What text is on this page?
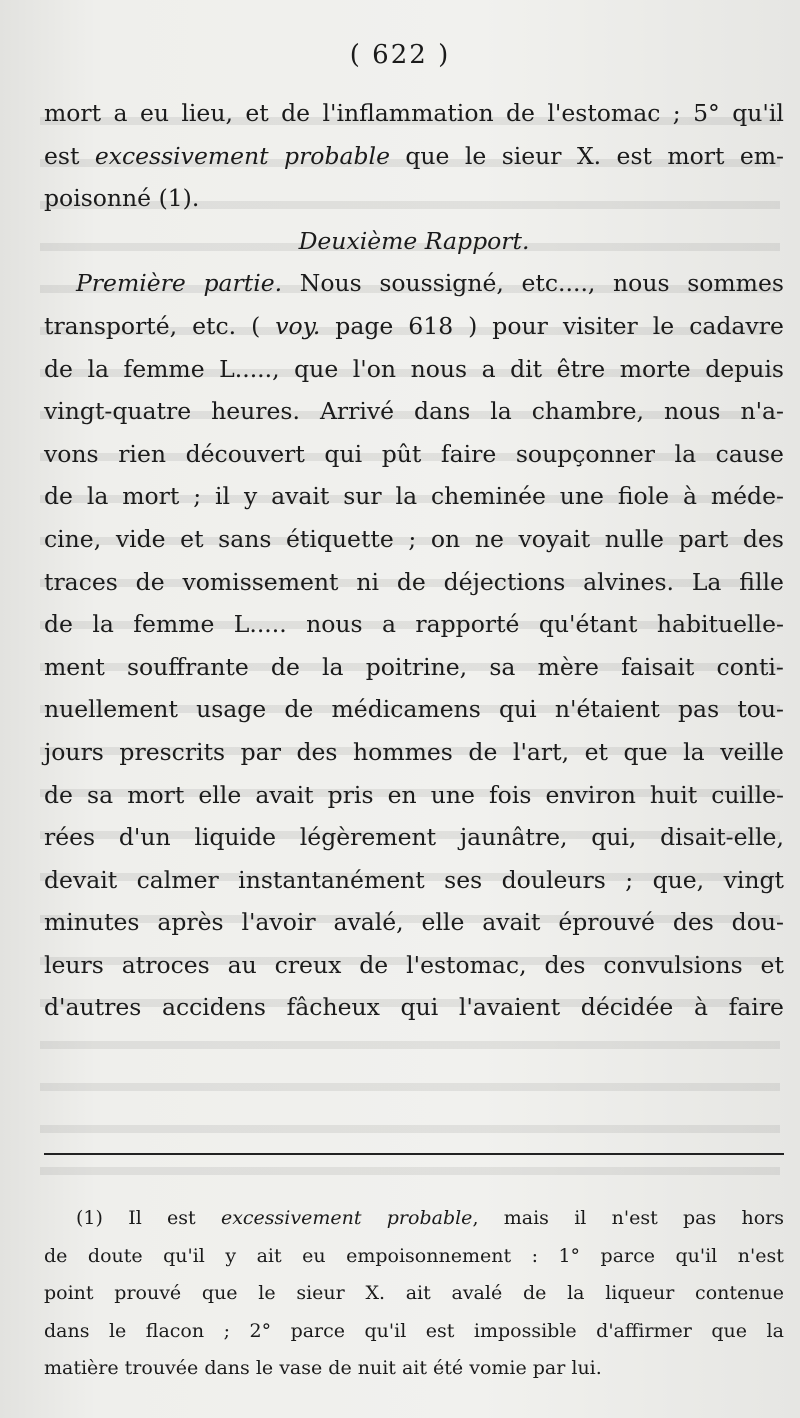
( 622 )
mort a eu lieu, et de l'inflammation de l'estomac ; 5° qu'il
est excessivement probable que le sieur X. est mort em-
poisonné (1).
Deuxième Rapport.
Première partie. Nous soussigné, etc...., nous sommes
transporté, etc. ( voy. page 618 ) pour visiter le cadavre
de la femme L....., que l'on nous a dit être morte depuis
vingt-quatre heures. Arrivé dans la chambre, nous n'a-
vons rien découvert qui pût faire soupçonner la cause
de la mort ; il y avait sur la cheminée une fiole à méde-
cine, vide et sans étiquette ; on ne voyait nulle part des
traces de vomissement ni de déjections alvines. La fille
de la femme L..... nous a rapporté qu'étant habituelle-
ment souffrante de la poitrine, sa mère faisait conti-
nuellement usage de médicamens qui n'étaient pas tou-
jours prescrits par des hommes de l'art, et que la veille
de sa mort elle avait pris en une fois environ huit cuille-
rées d'un liquide légèrement jaunâtre, qui, disait-elle,
devait calmer instantanément ses douleurs ; que, vingt
minutes après l'avoir avalé, elle avait éprouvé des dou-
leurs atroces au creux de l'estomac, des convulsions et
d'autres accidens fâcheux qui l'avaient décidée à faire
(1) Il est excessivement probable, mais il n'est pas hors
de doute qu'il y ait eu empoisonnement : 1° parce qu'il n'est
point prouvé que le sieur X. ait avalé de la liqueur contenue
dans le flacon ; 2° parce qu'il est impossible d'affirmer que la
matière trouvée dans le vase de nuit ait été vomie par lui.
